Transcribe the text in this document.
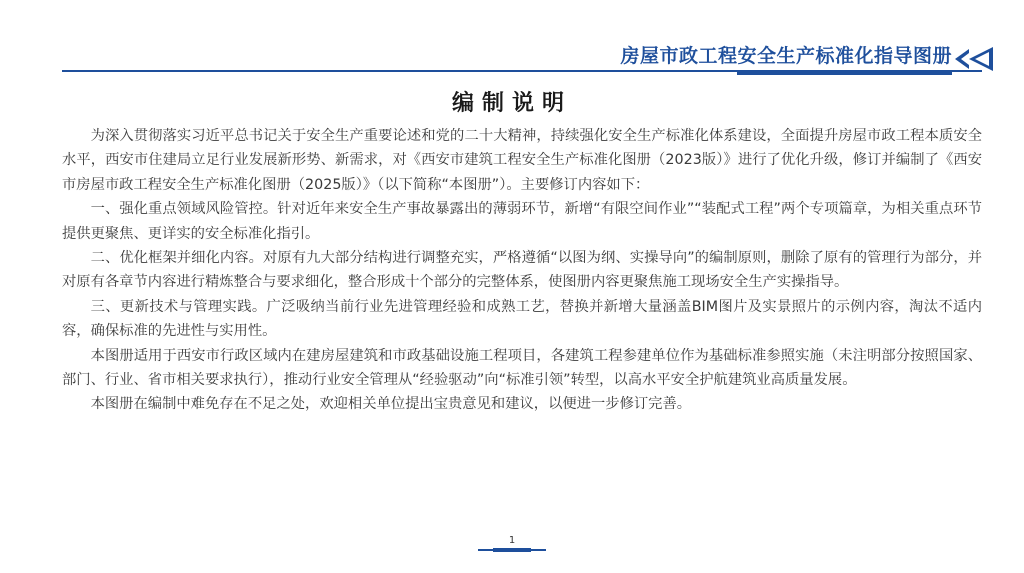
房屋市政工程安全生产标准化指导图册
编制说明

为深入贯彻落实习近平总书记关于安全生产重要论述和党的二十大精神，持续强化安全生产标准化体系建设，全面提升房屋市政工程本质安全水平，西安市住建局立足行业发展新形势、新需求，对《西安市建筑工程安全生产标准化图册（2023版）》进行了优化升级，修订并编制了《西安市房屋市政工程安全生产标准化图册（2025版）》（以下简称“本图册”）。主要修订内容如下：

一、强化重点领域风险管控。针对近年来安全生产事故暴露出的薄弱环节，新增“有限空间作业”“装配式工程”两个专项篇章，为相关重点环节提供更聚焦、更详实的安全标准化指引。

二、优化框架并细化内容。对原有九大部分结构进行调整充实，严格遵循“以图为纲、实操导向”的编制原则，删除了原有的管理行为部分，并对原有各章节内容进行精炼整合与要求细化，整合形成十个部分的完整体系，使图册内容更聚焦施工现场安全生产实操指导。

三、更新技术与管理实践。广泛吸纳当前行业先进管理经验和成熟工艺，替换并新增大量涵盖BIM图片及实景照片的示例内容，淘汰不适内容，确保标准的先进性与实用性。

本图册适用于西安市行政区域内在建房屋建筑和市政基础设施工程项目，各建筑工程参建单位作为基础标准参照实施（未注明部分按照国家、部门、行业、省市相关要求执行），推动行业安全管理从“经验驱动”向“标准引领”转型，以高水平安全护航建筑业高质量发展。

本图册在编制中难免存在不足之处，欢迎相关单位提出宝贵意见和建议，以便进一步修订完善。

1
